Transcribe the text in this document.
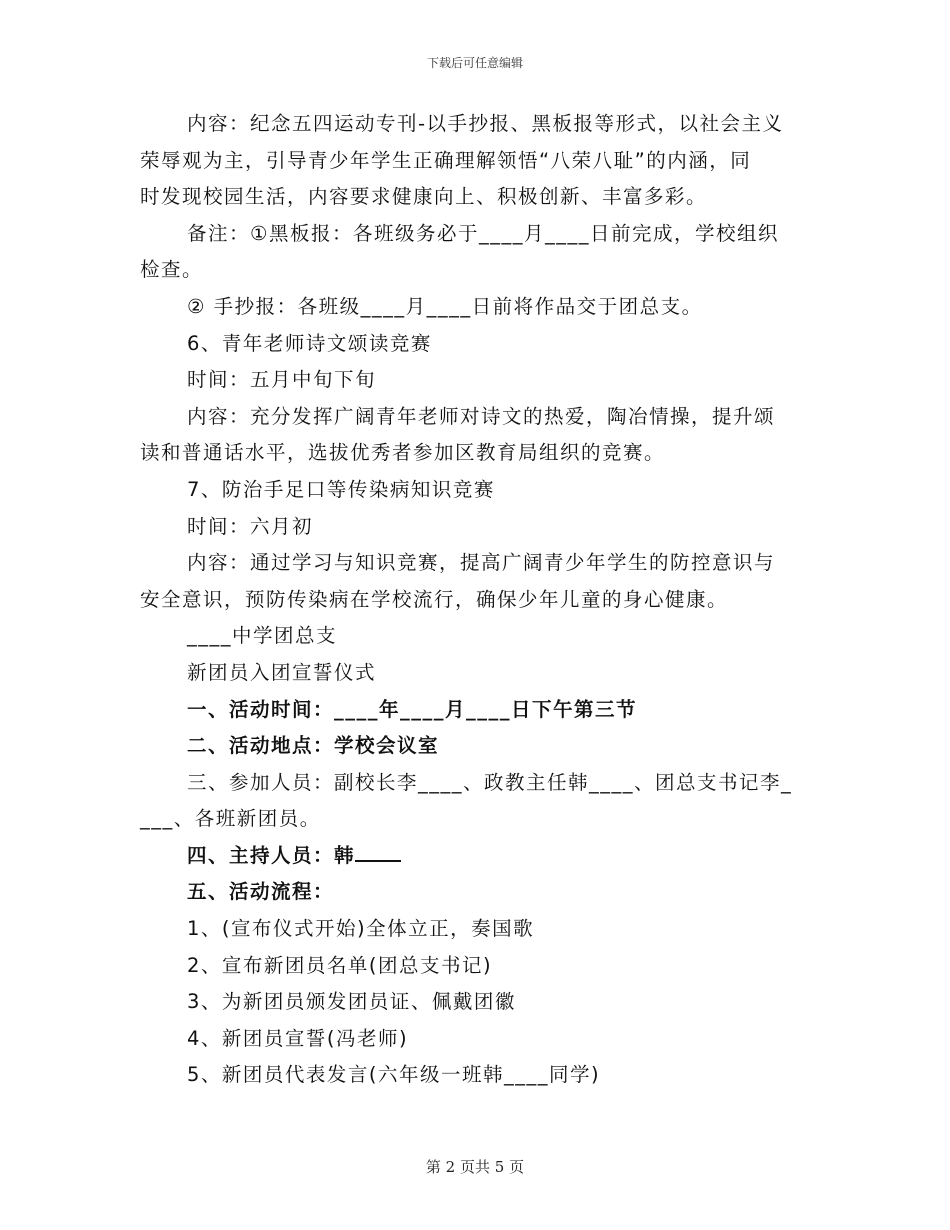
下载后可任意编辑
内容：纪念五四运动专刊-以手抄报、黑板报等形式，以社会主义
荣辱观为主，引导青少年学生正确理解领悟“八荣八耻”的内涵，同
时发现校园生活，内容要求健康向上、积极创新、丰富多彩。
备注：①黑板报：各班级务必于____月____日前完成，学校组织
检查。
② 手抄报：各班级____月____日前将作品交于团总支。
6、青年老师诗文颂读竞赛
时间：五月中旬下旬
内容：充分发挥广阔青年老师对诗文的热爱，陶冶情操，提升颂
读和普通话水平，选拔优秀者参加区教育局组织的竞赛。
7、防治手足口等传染病知识竞赛
时间：六月初
内容：通过学习与知识竞赛，提高广阔青少年学生的防控意识与
安全意识，预防传染病在学校流行，确保少年儿童的身心健康。
____中学团总支
新团员入团宣誓仪式
一、活动时间：____年____月____日下午第三节
二、活动地点：学校会议室
三、参加人员：副校长李____、政教主任韩____、团总支书记李_
___、各班新团员。
四、主持人员：韩
五、活动流程：
1、(宣布仪式开始)全体立正，奏国歌
2、宣布新团员名单(团总支书记)
3、为新团员颁发团员证、佩戴团徽
4、新团员宣誓(冯老师)
5、新团员代表发言(六年级一班韩____同学)
第 2 页共 5 页
